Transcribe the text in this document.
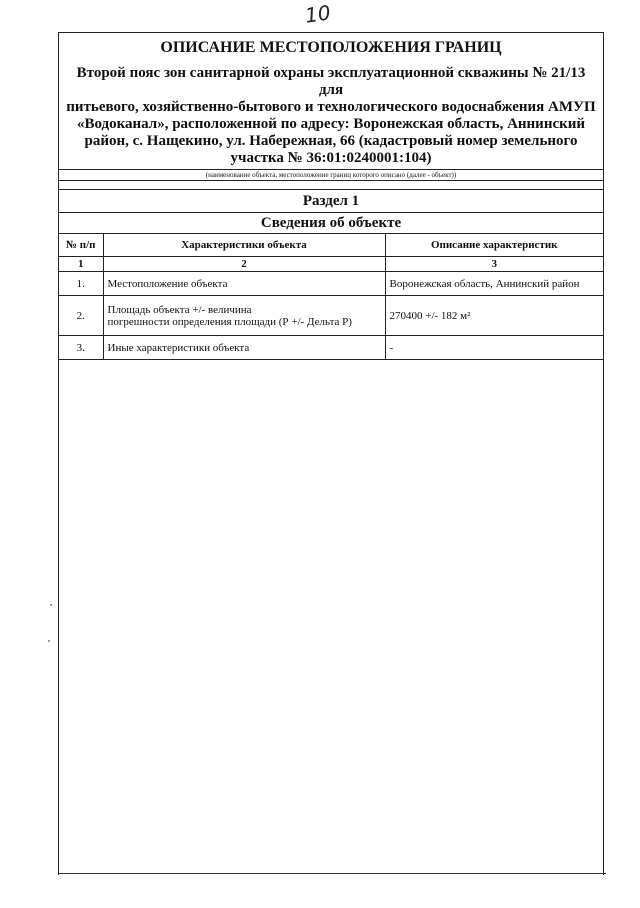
10
ОПИСАНИЕ МЕСТОПОЛОЖЕНИЯ ГРАНИЦ
Второй пояс зон санитарной охраны эксплуатационной скважины № 21/13 для
питьевого, хозяйственно-бытового и технологического водоснабжения АМУП
«Водоканал», расположенной по адресу: Воронежская область, Аннинский
район, с. Нащекино, ул. Набережная, 66 (кадастровый номер земельного
участка № 36:01:0240001:104)
(наименование объекта, местоположение границ которого описано (далее - объект))
Раздел 1
Сведения об объекте
№ п/п	Характеристики объекта	Описание характеристик
1	2	3
1.	Местоположение объекта	Воронежская область, Аннинский район
2.	Площадь объекта +/- величина
погрешности определения площади (Р +/- Дельта Р)	270400 +/- 182 м²
3.	Иные характеристики объекта	-
